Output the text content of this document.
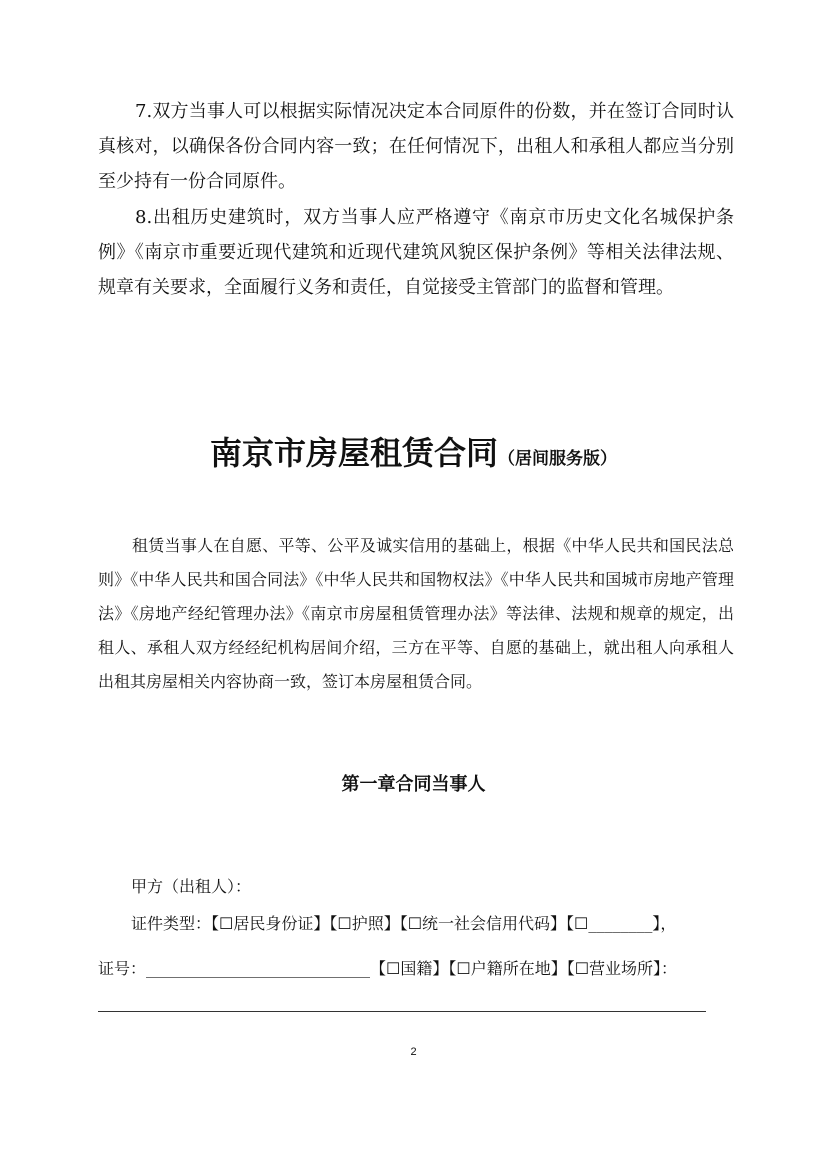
7.双方当事人可以根据实际情况决定本合同原件的份数，并在签订合同时认真核对，以确保各份合同内容一致；在任何情况下，出租人和承租人都应当分别至少持有一份合同原件。

8.出租历史建筑时，双方当事人应严格遵守《南京市历史文化名城保护条例》《南京市重要近现代建筑和近现代建筑风貌区保护条例》等相关法律法规、规章有关要求，全面履行义务和责任，自觉接受主管部门的监督和管理。

南京市房屋租赁合同（居间服务版）

租赁当事人在自愿、平等、公平及诚实信用的基础上，根据《中华人民共和国民法总则》《中华人民共和国合同法》《中华人民共和国物权法》《中华人民共和国城市房地产管理法》《房地产经纪管理办法》《南京市房屋租赁管理办法》等法律、法规和规章的规定，出租人、承租人双方经经纪机构居间介绍，三方在平等、自愿的基础上，就出租人向承租人出租其房屋相关内容协商一致，签订本房屋租赁合同。

第一章合同当事人

甲方（出租人）：

证件类型：【☐居民身份证】【☐护照】【☐统一社会信用代码】【☐________】，

证号：____________________________【☐国籍】【☐户籍所在地】【☐营业场所】：

2
